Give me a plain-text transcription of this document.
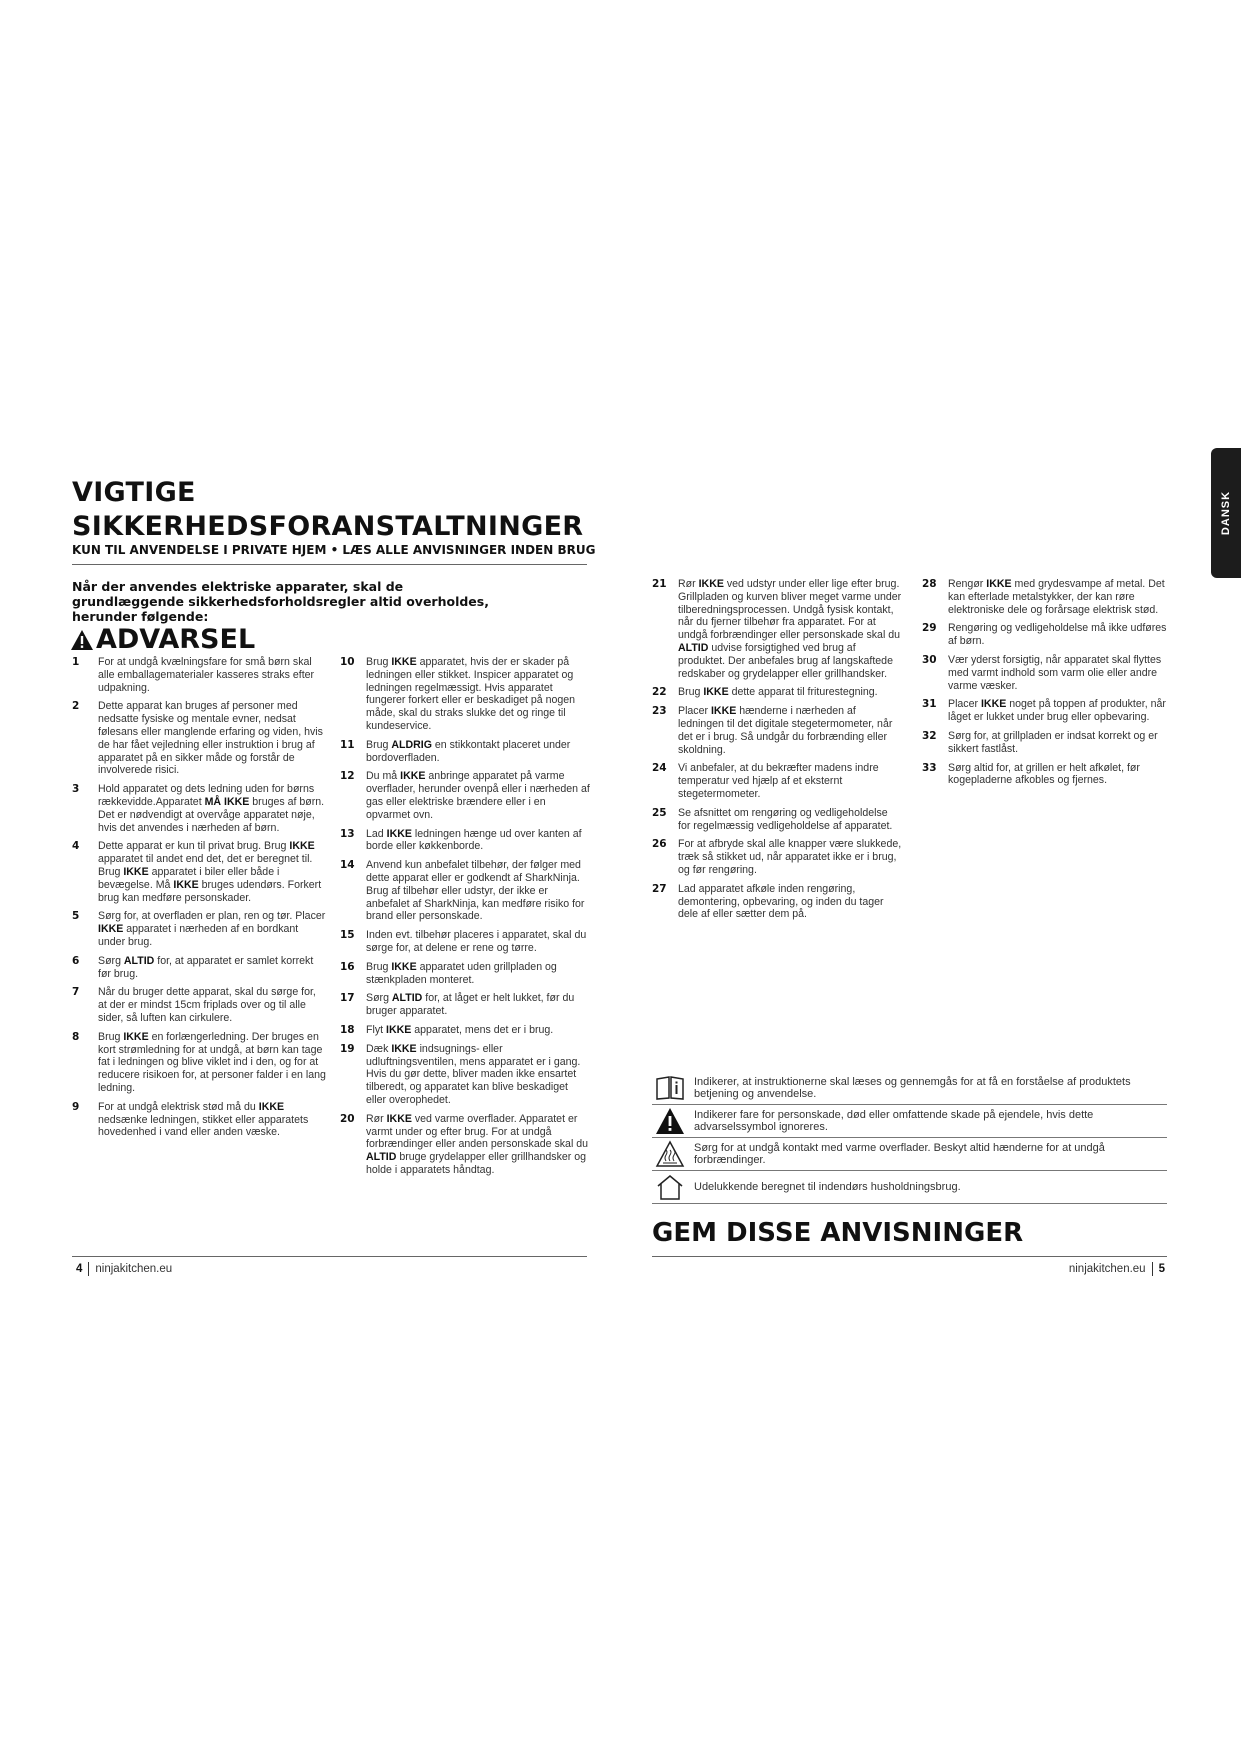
VIGTIGE
SIKKERHEDSFORANSTALTNINGER
KUN TIL ANVENDELSE I PRIVATE HJEM • LÆS ALLE ANVISNINGER INDEN BRUG
DANSK
Når der anvendes elektriske apparater, skal de grundlæggende sikkerhedsforholdsregler altid overholdes, herunder følgende:
ADVARSEL
1	For at undgå kvælningsfare for små børn skal alle emballagematerialer kasseres straks efter udpakning.
2	Dette apparat kan bruges af personer med nedsatte fysiske og mentale evner, nedsat følesans eller manglende erfaring og viden, hvis de har fået vejledning eller instruktion i brug af apparatet på en sikker måde og forstår de involverede risici.
3	Hold apparatet og dets ledning uden for børns rækkevidde.Apparatet MÅ IKKE bruges af børn. Det er nødvendigt at overvåge apparatet nøje, hvis det anvendes i nærheden af børn.
4	Dette apparat er kun til privat brug. Brug IKKE apparatet til andet end det, det er beregnet til. Brug IKKE apparatet i biler eller både i bevægelse. Må IKKE bruges udendørs. Forkert brug kan medføre personskader.
5	Sørg for, at overfladen er plan, ren og tør. Placer IKKE apparatet i nærheden af en bordkant under brug.
6	Sørg ALTID for, at apparatet er samlet korrekt før brug.
7	Når du bruger dette apparat, skal du sørge for, at der er mindst 15cm friplads over og til alle sider, så luften kan cirkulere.
8	Brug IKKE en forlængerledning. Der bruges en kort strømledning for at undgå, at børn kan tage fat i ledningen og blive viklet ind i den, og for at reducere risikoen for, at personer falder i en lang ledning.
9	For at undgå elektrisk stød må du IKKE nedsænke ledningen, stikket eller apparatets hovedenhed i vand eller anden væske.
10	Brug IKKE apparatet, hvis der er skader på ledningen eller stikket. Inspicer apparatet og ledningen regelmæssigt. Hvis apparatet fungerer forkert eller er beskadiget på nogen måde, skal du straks slukke det og ringe til kundeservice.
11	Brug ALDRIG en stikkontakt placeret under bordoverfladen.
12	Du må IKKE anbringe apparatet på varme overflader, herunder ovenpå eller i nærheden af gas eller elektriske brændere eller i en opvarmet ovn.
13	Lad IKKE ledningen hænge ud over kanten af borde eller køkkenborde.
14	Anvend kun anbefalet tilbehør, der følger med dette apparat eller er godkendt af SharkNinja. Brug af tilbehør eller udstyr, der ikke er anbefalet af SharkNinja, kan medføre risiko for brand eller personskade.
15	Inden evt. tilbehør placeres i apparatet, skal du sørge for, at delene er rene og tørre.
16	Brug IKKE apparatet uden grillpladen og stænkpladen monteret.
17	Sørg ALTID for, at låget er helt lukket, før du bruger apparatet.
18	Flyt IKKE apparatet, mens det er i brug.
19	Dæk IKKE indsugnings- eller udluftningsventilen, mens apparatet er i gang. Hvis du gør dette, bliver maden ikke ensartet tilberedt, og apparatet kan blive beskadiget eller overophedet.
20	Rør IKKE ved varme overflader. Apparatet er varmt under og efter brug. For at undgå forbrændinger eller anden personskade skal du ALTID bruge grydelapper eller grillhandsker og holde i apparatets håndtag.
21	Rør IKKE ved udstyr under eller lige efter brug. Grillpladen og kurven bliver meget varme under tilberedningsprocessen. Undgå fysisk kontakt, når du fjerner tilbehør fra apparatet. For at undgå forbrændinger eller personskade skal du ALTID udvise forsigtighed ved brug af produktet. Der anbefales brug af langskaftede redskaber og grydelapper eller grillhandsker.
22	Brug IKKE dette apparat til friturestegning.
23	Placer IKKE hænderne i nærheden af ledningen til det digitale stegetermometer, når det er i brug. Så undgår du forbrænding eller skoldning.
24	Vi anbefaler, at du bekræfter madens indre temperatur ved hjælp af et eksternt stegetermometer.
25	Se afsnittet om rengøring og vedligeholdelse for regelmæssig vedligeholdelse af apparatet.
26	For at afbryde skal alle knapper være slukkede, træk så stikket ud, når apparatet ikke er i brug, og før rengøring.
27	Lad apparatet afkøle inden rengøring, demontering, opbevaring, og inden du tager dele af eller sætter dem på.
28	Rengør IKKE med grydesvampe af metal. Det kan efterlade metalstykker, der kan røre elektroniske dele og forårsage elektrisk stød.
29	Rengøring og vedligeholdelse må ikke udføres af børn.
30	Vær yderst forsigtig, når apparatet skal flyttes med varmt indhold som varm olie eller andre varme væsker.
31	Placer IKKE noget på toppen af produkter, når låget er lukket under brug eller opbevaring.
32	Sørg for, at grillpladen er indsat korrekt og er sikkert fastlåst.
33	Sørg altid for, at grillen er helt afkølet, før kogepladerne afkobles og fjernes.
Indikerer, at instruktionerne skal læses og gennemgås for at få en forståelse af produktets betjening og anvendelse.
Indikerer fare for personskade, død eller omfattende skade på ejendele, hvis dette advarselssymbol ignoreres.
Sørg for at undgå kontakt med varme overflader. Beskyt altid hænderne for at undgå forbrændinger.
Udelukkende beregnet til indendørs husholdningsbrug.
GEM DISSE ANVISNINGER
4 ninjakitchen.eu	ninjakitchen.eu 5
